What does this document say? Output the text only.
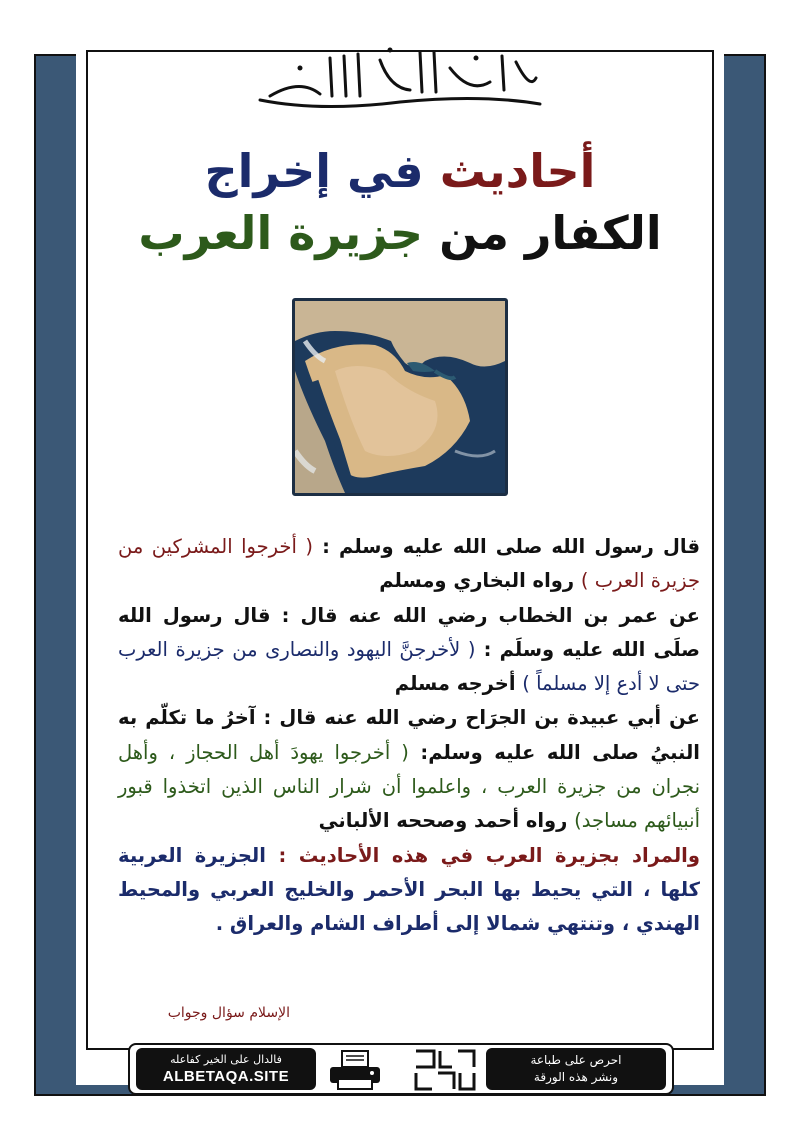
أحاديث في إخراج
الكفار من جزيرة العرب
قال رسول الله صلى الله عليه وسلم : ( أخرجوا المشركين من جزيرة العرب ) رواه البخاري ومسلم
عن عمر بن الخطاب رضي الله عنه قال : قال رسول الله صلَى الله عليه وسلَم : ( لأخرجنَّ اليهود والنصارى من جزيرة العرب حتى لا أدع إلا مسلماً ) أخرجه مسلم
عن أبي عبيدة بن الجرَاح رضي الله عنه قال : آخرُ ما تكلّم به النبيُ صلى الله عليه وسلم: ( أخرجوا يهودَ أهل الحجاز ، وأهل نجران من جزيرة العرب ، واعلموا أن شرار الناس الذين اتخذوا قبور أنبيائهم مساجد) رواه أحمد وصححه الألباني
والمراد بجزيرة العرب في هذه الأحاديث : الجزيرة العربية كلها ، التي يحيط بها البحر الأحمر والخليج العربي والمحيط الهندي ، وتنتهي شمالا إلى أطراف الشام والعراق .
الإسلام سؤال وجواب
احرص على طباعة
ونشر هذه الورقة
فالدال على الخير كفاعله
ALBETAQA.SITE
